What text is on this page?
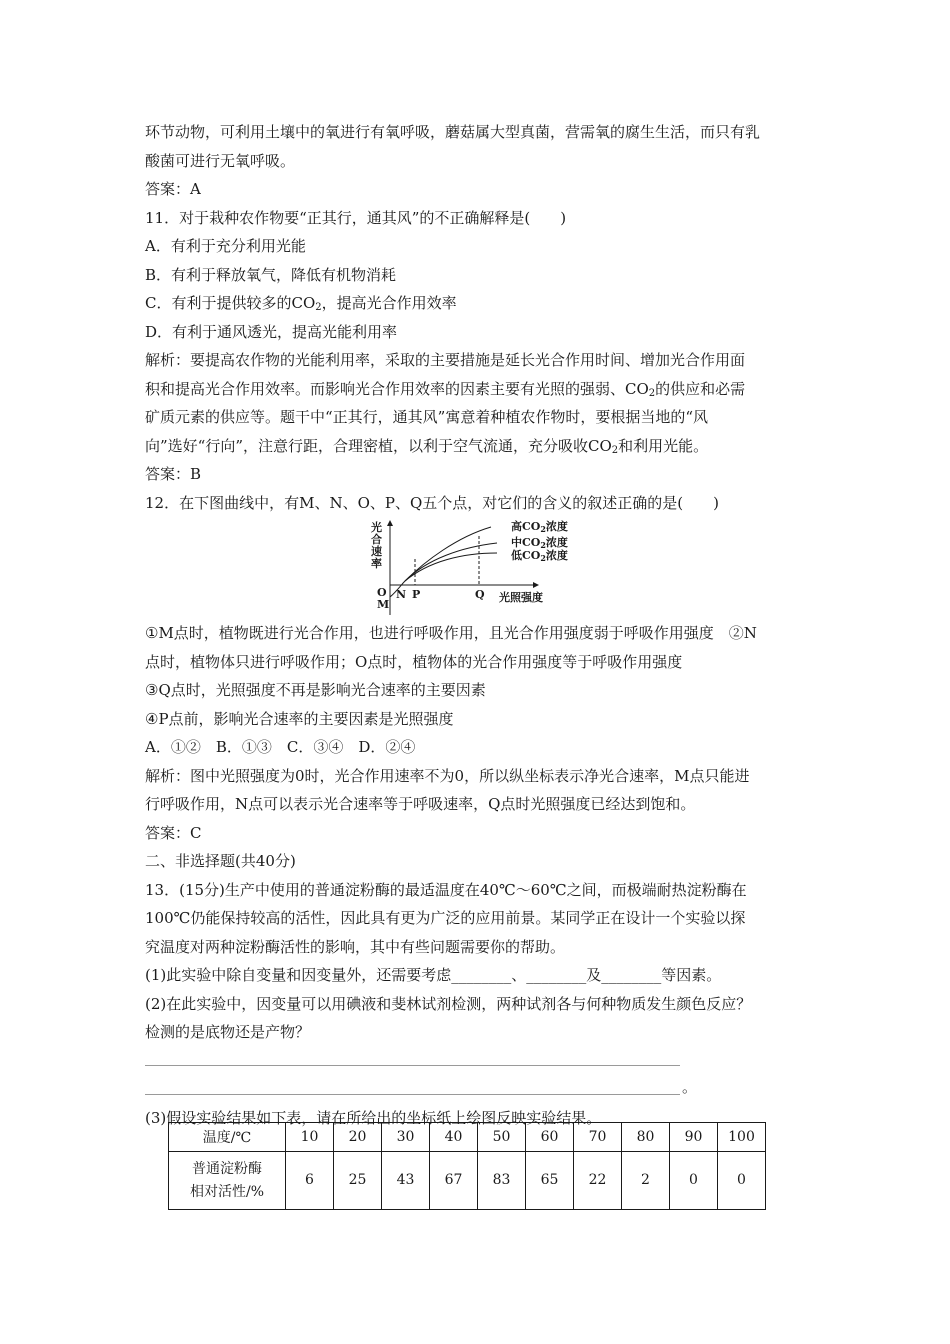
环节动物，可利用土壤中的氧进行有氧呼吸，蘑菇属大型真菌，营需氧的腐生生活，而只有乳
酸菌可进行无氧呼吸。
答案：A
11．对于栽种农作物要“正其行，通其风”的不正确解释是(　　)
A．有利于充分利用光能
B．有利于释放氧气，降低有机物消耗
C．有利于提供较多的$CO_2$，提高光合作用效率
D．有利于通风透光，提高光能利用率
解析：要提高农作物的光能利用率，采取的主要措施是延长光合作用时间、增加光合作用面
积和提高光合作用效率。而影响光合作用效率的因素主要有光照的强弱、$CO_2$的供应和必需
矿质元素的供应等。题干中“正其行，通其风”寓意着种植农作物时，要根据当地的“风
向”选好“行向”，注意行距，合理密植，以利于空气流通，充分吸收$CO_2$和利用光能。
答案：B
12．在下图曲线中，有M、N、O、P、Q五个点，对它们的含义的叙述正确的是(　　)
光
合
速
率
O
M
N P	Q 光照强度
高CO2浓度
中CO2浓度
低CO2浓度
①M点时，植物既进行光合作用，也进行呼吸作用，且光合作用强度弱于呼吸作用强度　②N
点时，植物体只进行呼吸作用；O点时，植物体的光合作用强度等于呼吸作用强度
③Q点时，光照强度不再是影响光合速率的主要因素
④P点前，影响光合速率的主要因素是光照强度
A．①②　B．①③　C．③④　D．②④
解析：图中光照强度为0时，光合作用速率不为0，所以纵坐标表示净光合速率，M点只能进
行呼吸作用，N点可以表示光合速率等于呼吸速率，Q点时光照强度已经达到饱和。
答案：C
二、非选择题(共40分)
13．(15分)生产中使用的普通淀粉酶的最适温度在40℃～60℃之间，而极端耐热淀粉酶在
100℃仍能保持较高的活性，因此具有更为广泛的应用前景。某同学正在设计一个实验以探
究温度对两种淀粉酶活性的影响，其中有些问题需要你的帮助。
(1)此实验中除自变量和因变量外，还需要考虑________、________及________等因素。
(2)在此实验中，因变量可以用碘液和斐林试剂检测，两种试剂各与何种物质发生颜色反应？
检测的是底物还是产物？
。
(3)假设实验结果如下表，请在所给出的坐标纸上绘图反映实验结果。
温度/℃	10	20	30	40	50	60	70	80	90	100

普通淀粉酶
相对活性/%	6	25	43	67	83	65	22	2	0	0
